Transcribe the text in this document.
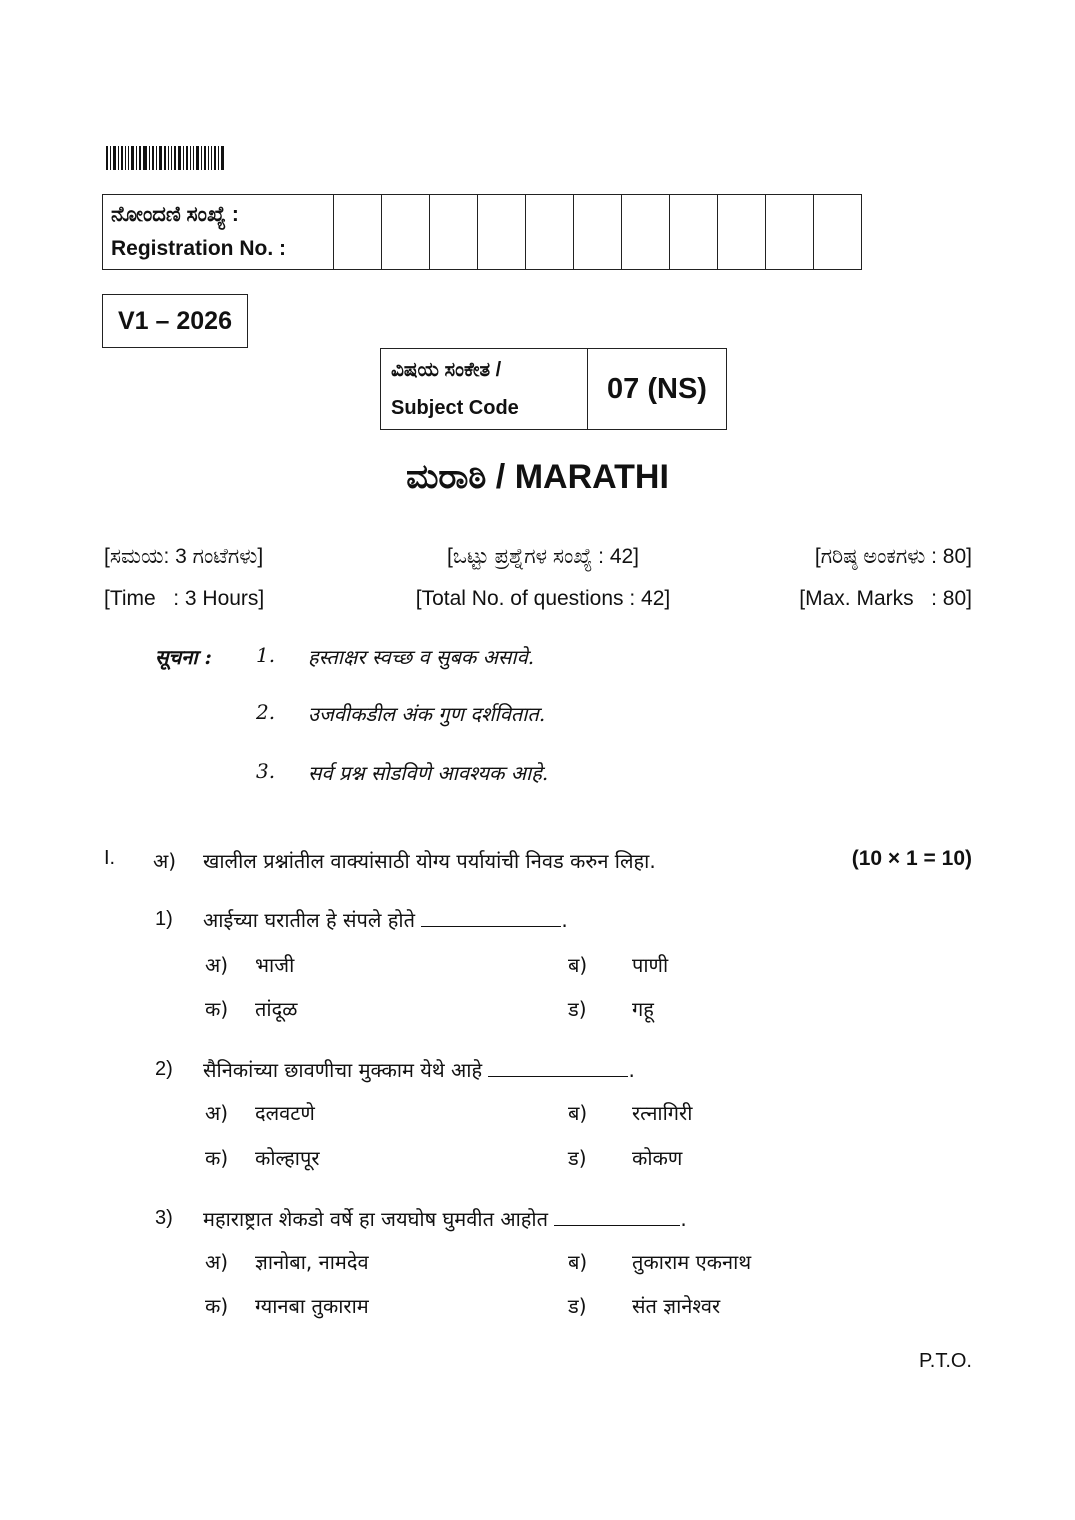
ನೋಂದಣಿ ಸಂಖ್ಯೆ :
Registration No. :

V1 – 2026
ವಿಷಯ ಸಂಕೇತ /
Subject Code
	07 (NS)
ಮರಾಠಿ / MARATHI
[ಸಮಯ: 3 ಗಂಟೆಗಳು]	[ಒಟ್ಟು ಪ್ರಶ್ನೆಗಳ ಸಂಖ್ಯೆ : 42]	[ಗರಿಷ್ಠ ಅಂಕಗಳು : 80]
[Time   : 3 Hours]	[Total No. of questions : 42]	[Max. Marks   : 80]
सूचना : 1. हस्ताक्षर स्वच्छ व सुबक असावे.
2. उजवीकडील अंक गुण दर्शवितात.
3. सर्व प्रश्न सोडविणे आवश्यक आहे.
I. अ) खालील प्रश्नांतील वाक्यांसाठी योग्य पर्यायांची निवड करुन लिहा.	(10 × 1 = 10)
1) आईच्या घरातील हे संपले होते	.
अ) भाजी	ब) पाणी
क) तांदूळ	ड) गहू
2) सैनिकांच्या छावणीचा मुक्काम येथे आहे	.
अ) दलवटणे	ब) रत्नागिरी
क) कोल्हापूर	ड) कोकण
3) महाराष्ट्रात शेकडो वर्षे हा जयघोष घुमवीत आहोत	.
अ) ज्ञानोबा, नामदेव	ब) तुकाराम एकनाथ
क) ग्यानबा तुकाराम	ड) संत ज्ञानेश्वर
P.T.O.
